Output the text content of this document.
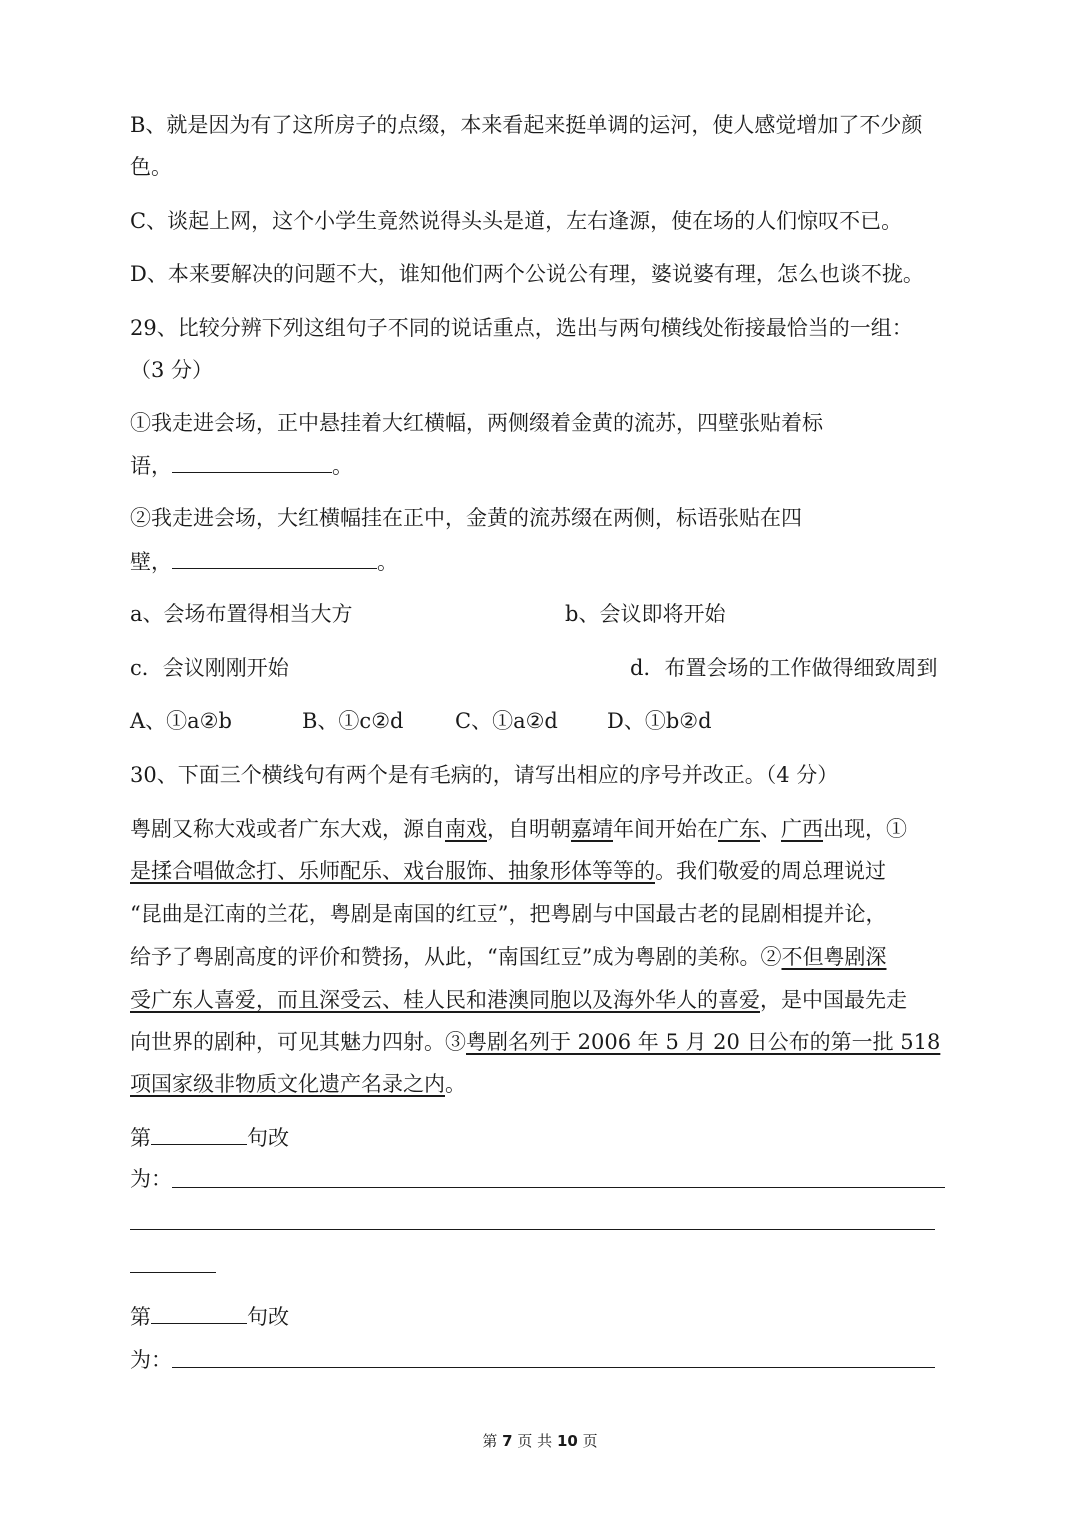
B、就是因为有了这所房子的点缀，本来看起来挺单调的运河，使人感觉增加了不少颜
色。
C、谈起上网，这个小学生竟然说得头头是道，左右逢源，使在场的人们惊叹不已。
D、本来要解决的问题不大，谁知他们两个公说公有理，婆说婆有理，怎么也谈不拢。
29、比较分辨下列这组句子不同的说话重点，选出与两句横线处衔接最恰当的一组：
（3 分）
①我走进会场，正中悬挂着大红横幅，两侧缀着金黄的流苏，四壁张贴着标
语，	。
②我走进会场，大红横幅挂在正中，金黄的流苏缀在两侧，标语张贴在四
壁，	。
a、会场布置得相当大方	b、会议即将开始
c．会议刚刚开始	d．布置会场的工作做得细致周到
A、①a②b	B、①c②d C、①a②d D、①b②d
30、下面三个横线句有两个是有毛病的，请写出相应的序号并改正。（4 分）
粤剧又称大戏或者广东大戏，源自南戏，自明朝嘉靖年间开始在广东、广西出现，①
是揉合唱做念打、乐师配乐、戏台服饰、抽象形体等等的。我们敬爱的周总理说过
“昆曲是江南的兰花，粤剧是南国的红豆”，把粤剧与中国最古老的昆剧相提并论，
给予了粤剧高度的评价和赞扬，从此，“南国红豆”成为粤剧的美称。②不但粤剧深
受广东人喜爱，而且深受云、桂人民和港澳同胞以及海外华人的喜爱，是中国最先走
向世界的剧种，可见其魅力四射。③粤剧名列于 2006 年 5 月 20 日公布的第一批 518
项国家级非物质文化遗产名录之内。
第	句改
为：
第	句改
为：
第 7 页 共 10 页
